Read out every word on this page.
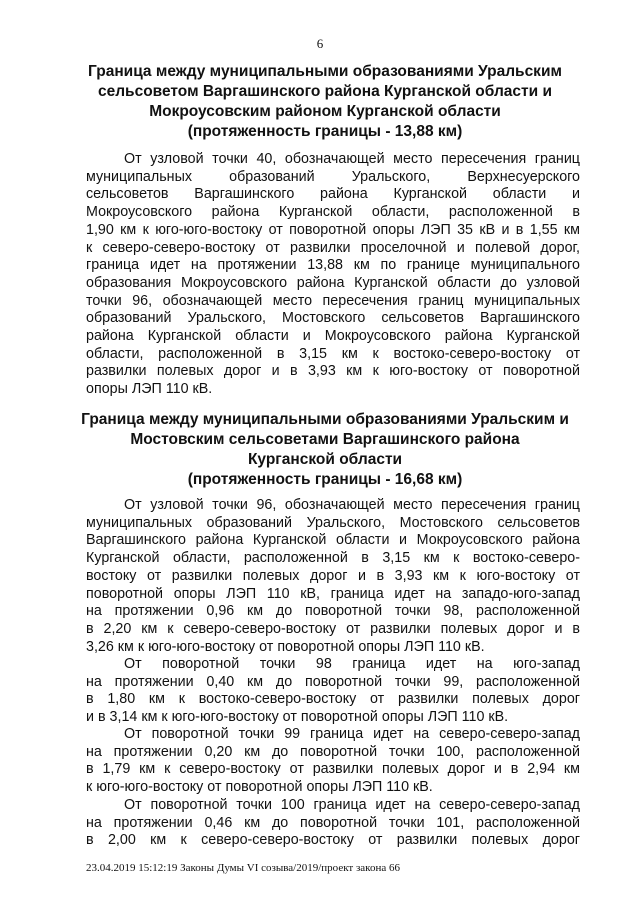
6
Граница между муниципальными образованиями Уральским
сельсоветом Варгашинского района Курганской области и
Мокроусовским районом Курганской области
(протяженность границы - 13,88 км)
От узловой точки 40, обозначающей место пересечения границ
муниципальных образований Уральского, Верхнесуерского
сельсоветов Варгашинского района Курганской области и
Мокроусовского района Курганской области, расположенной в
1,90 км к юго-юго-востоку от поворотной опоры ЛЭП 35 кВ и в 1,55 км
к северо-северо-востоку от развилки проселочной и полевой дорог,
граница идет на протяжении 13,88 км по границе муниципального
образования Мокроусовского района Курганской области до узловой
точки 96, обозначающей место пересечения границ муниципальных
образований Уральского, Мостовского сельсоветов Варгашинского
района Курганской области и Мокроусовского района Курганской
области, расположенной в 3,15 км к востоко-северо-востоку от
развилки полевых дорог и в 3,93 км к юго-востоку от поворотной
опоры ЛЭП 110 кВ.
Граница между муниципальными образованиями Уральским и
Мостовским сельсоветами Варгашинского района
Курганской области
(протяженность границы - 16,68 км)
От узловой точки 96, обозначающей место пересечения границ
муниципальных образований Уральского, Мостовского сельсоветов
Варгашинского района Курганской области и Мокроусовского района
Курганской области, расположенной в 3,15 км к востоко-северо-
востоку от развилки полевых дорог и в 3,93 км к юго-востоку от
поворотной опоры ЛЭП 110 кВ, граница идет на западо-юго-запад
на протяжении 0,96 км до поворотной точки 98, расположенной
в 2,20 км к северо-северо-востоку от развилки полевых дорог и в
3,26 км к юго-юго-востоку от поворотной опоры ЛЭП 110 кВ.
От поворотной точки 98 граница идет на юго-запад
на протяжении 0,40 км до поворотной точки 99, расположенной
в 1,80 км к востоко-северо-востоку от развилки полевых дорог
и в 3,14 км к юго-юго-востоку от поворотной опоры ЛЭП 110 кВ.
От поворотной точки 99 граница идет на северо-северо-запад
на протяжении 0,20 км до поворотной точки 100, расположенной
в 1,79 км к северо-востоку от развилки полевых дорог и в 2,94 км
к юго-юго-востоку от поворотной опоры ЛЭП 110 кВ.
От поворотной точки 100 граница идет на северо-северо-запад
на протяжении 0,46 км до поворотной точки 101, расположенной
в 2,00 км к северо-северо-востоку от развилки полевых дорог
23.04.2019 15:12:19 Законы Думы VI созыва/2019/проект закона 66
